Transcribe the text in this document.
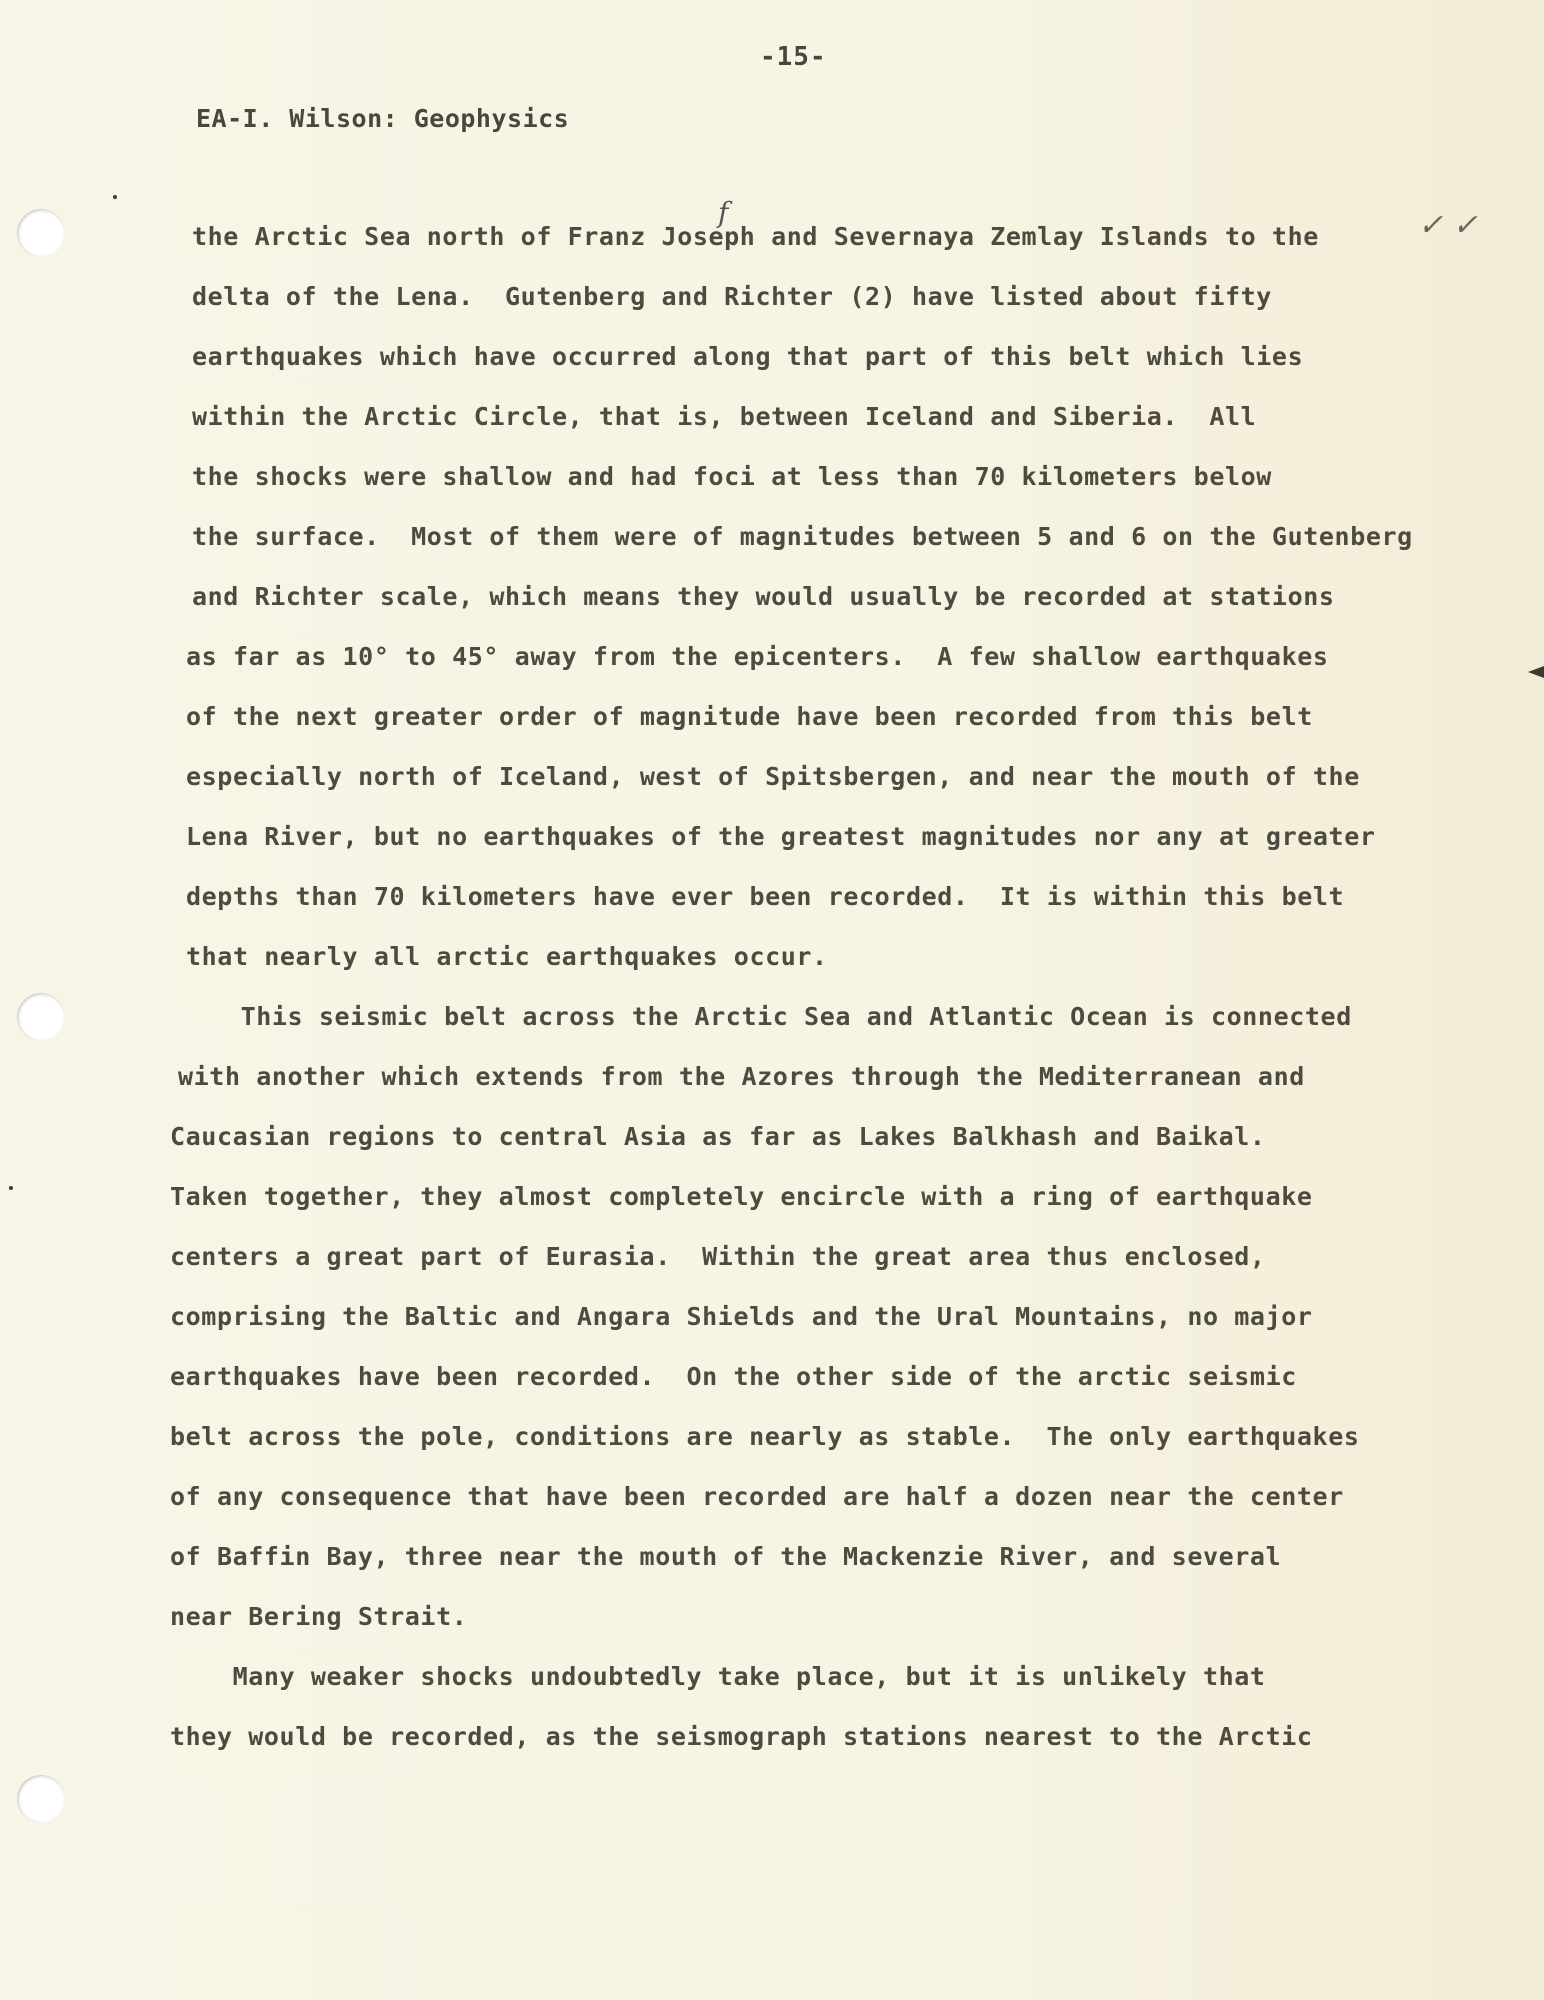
-15-
EA-I. Wilson: Geophysics
✓ ✓
f
the Arctic Sea north of Franz Joseph and Severnaya Zemlay Islands to the
delta of the Lena.  Gutenberg and Richter (2) have listed about fifty
earthquakes which have occurred along that part of this belt which lies
within the Arctic Circle, that is, between Iceland and Siberia.  All
the shocks were shallow and had foci at less than 70 kilometers below
the surface.  Most of them were of magnitudes between 5 and 6 on the Gutenberg
and Richter scale, which means they would usually be recorded at stations
as far as 10° to 45° away from the epicenters.  A few shallow earthquakes
of the next greater order of magnitude have been recorded from this belt
especially north of Iceland, west of Spitsbergen, and near the mouth of the
Lena River, but no earthquakes of the greatest magnitudes nor any at greater
depths than 70 kilometers have ever been recorded.  It is within this belt
that nearly all arctic earthquakes occur.
This seismic belt across the Arctic Sea and Atlantic Ocean is connected
with another which extends from the Azores through the Mediterranean and
Caucasian regions to central Asia as far as Lakes Balkhash and Baikal.
Taken together, they almost completely encircle with a ring of earthquake
centers a great part of Eurasia.  Within the great area thus enclosed,
comprising the Baltic and Angara Shields and the Ural Mountains, no major
earthquakes have been recorded.  On the other side of the arctic seismic
belt across the pole, conditions are nearly as stable.  The only earthquakes
of any consequence that have been recorded are half a dozen near the center
of Baffin Bay, three near the mouth of the Mackenzie River, and several
near Bering Strait.
Many weaker shocks undoubtedly take place, but it is unlikely that
they would be recorded, as the seismograph stations nearest to the Arctic
